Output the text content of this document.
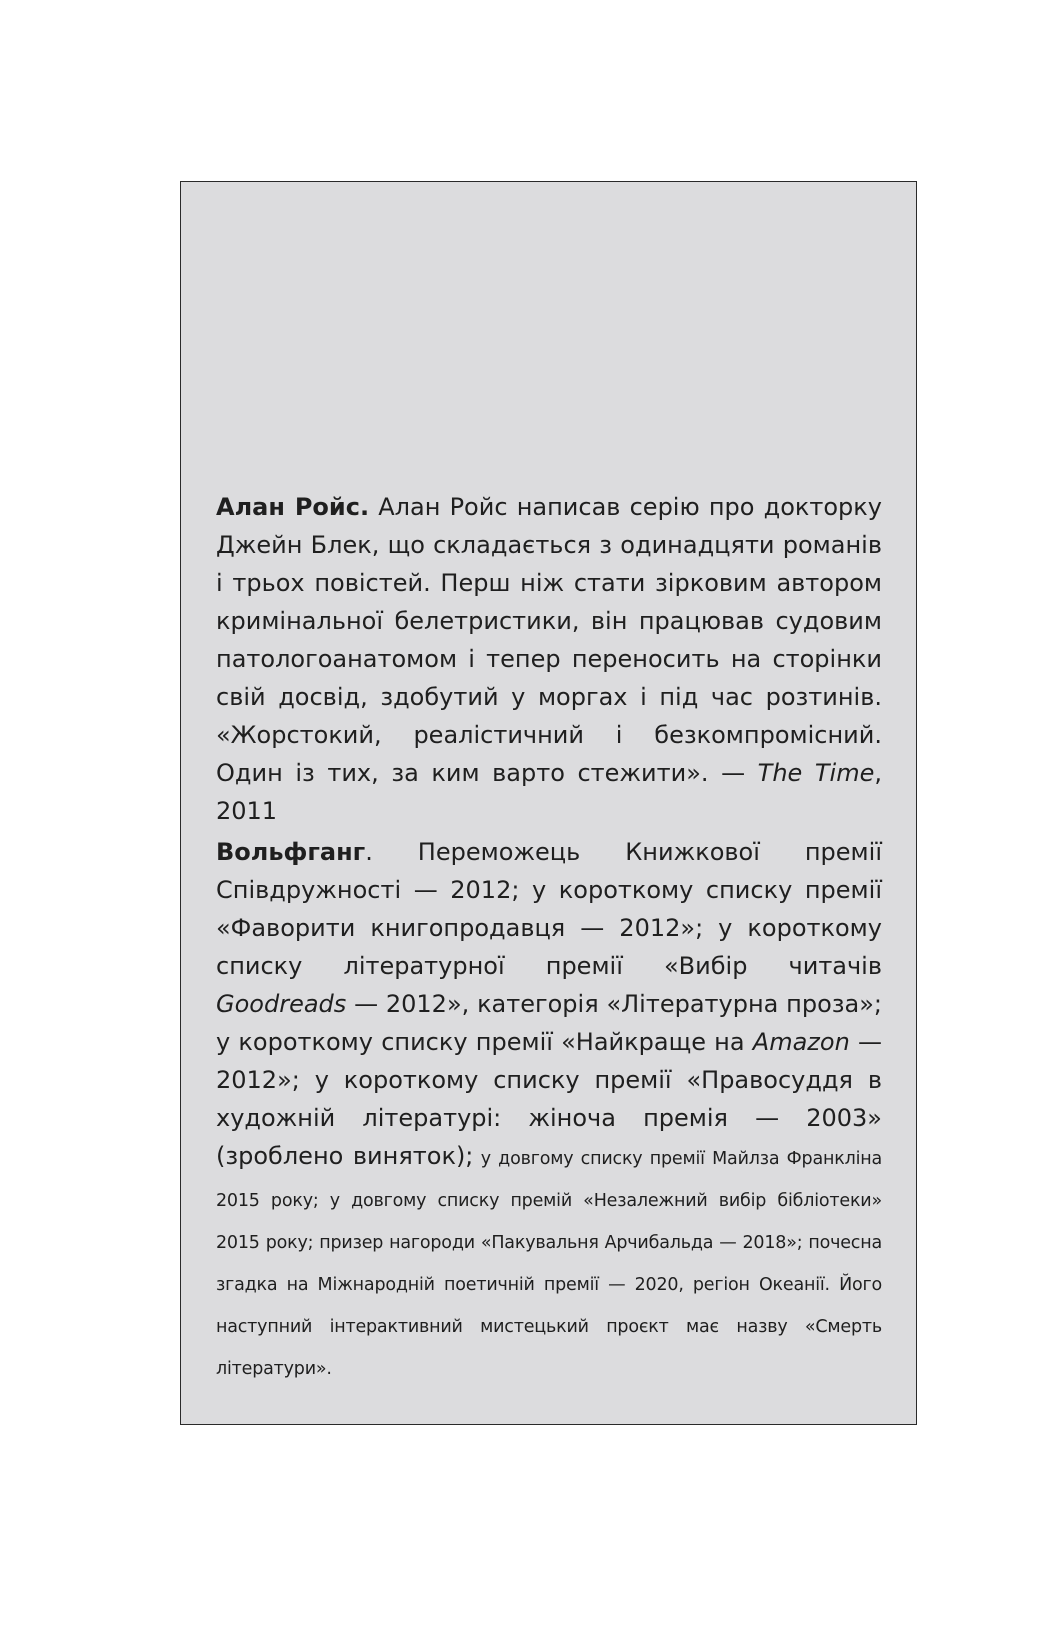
Алан Ройс. Алан Ройс написав серію про докторку Джейн Блек, що складається з одинадцяти романів і трьох повістей. Перш ніж стати зірковим автором кримінальної белетристики, він працював судовим патологоанатомом і тепер переносить на сторінки свій досвід, здобутий у моргах і під час розтинів. «Жорстокий, реалістичний і безкомпромісний. Один із тих, за ким варто стежити». — The Time, 2011

Вольфганг. Переможець Книжкової премії Співдружності — 2012; у короткому списку премії «Фаворити книгопродавця — 2012»; у короткому списку літературної премії «Вибір читачів Goodreads — 2012», категорія «Літературна проза»; у короткому списку премії «Найкраще на Amazon — 2012»; у короткому списку премії «Правосуддя в художній літературі: жіноча премія — 2003» (зроблено виняток); у довгому списку премії Майлза Франкліна 2015 року; у довгому списку премій «Незалежний вибір бібліотеки» 2015 року; призер нагороди «Пакувальня Арчибальда — 2018»; почесна згадка на Міжнародній поетичній премії — 2020, регіон Океанії. Його наступний інтерактивний мистецький проєкт має назву «Смерть літератури».
